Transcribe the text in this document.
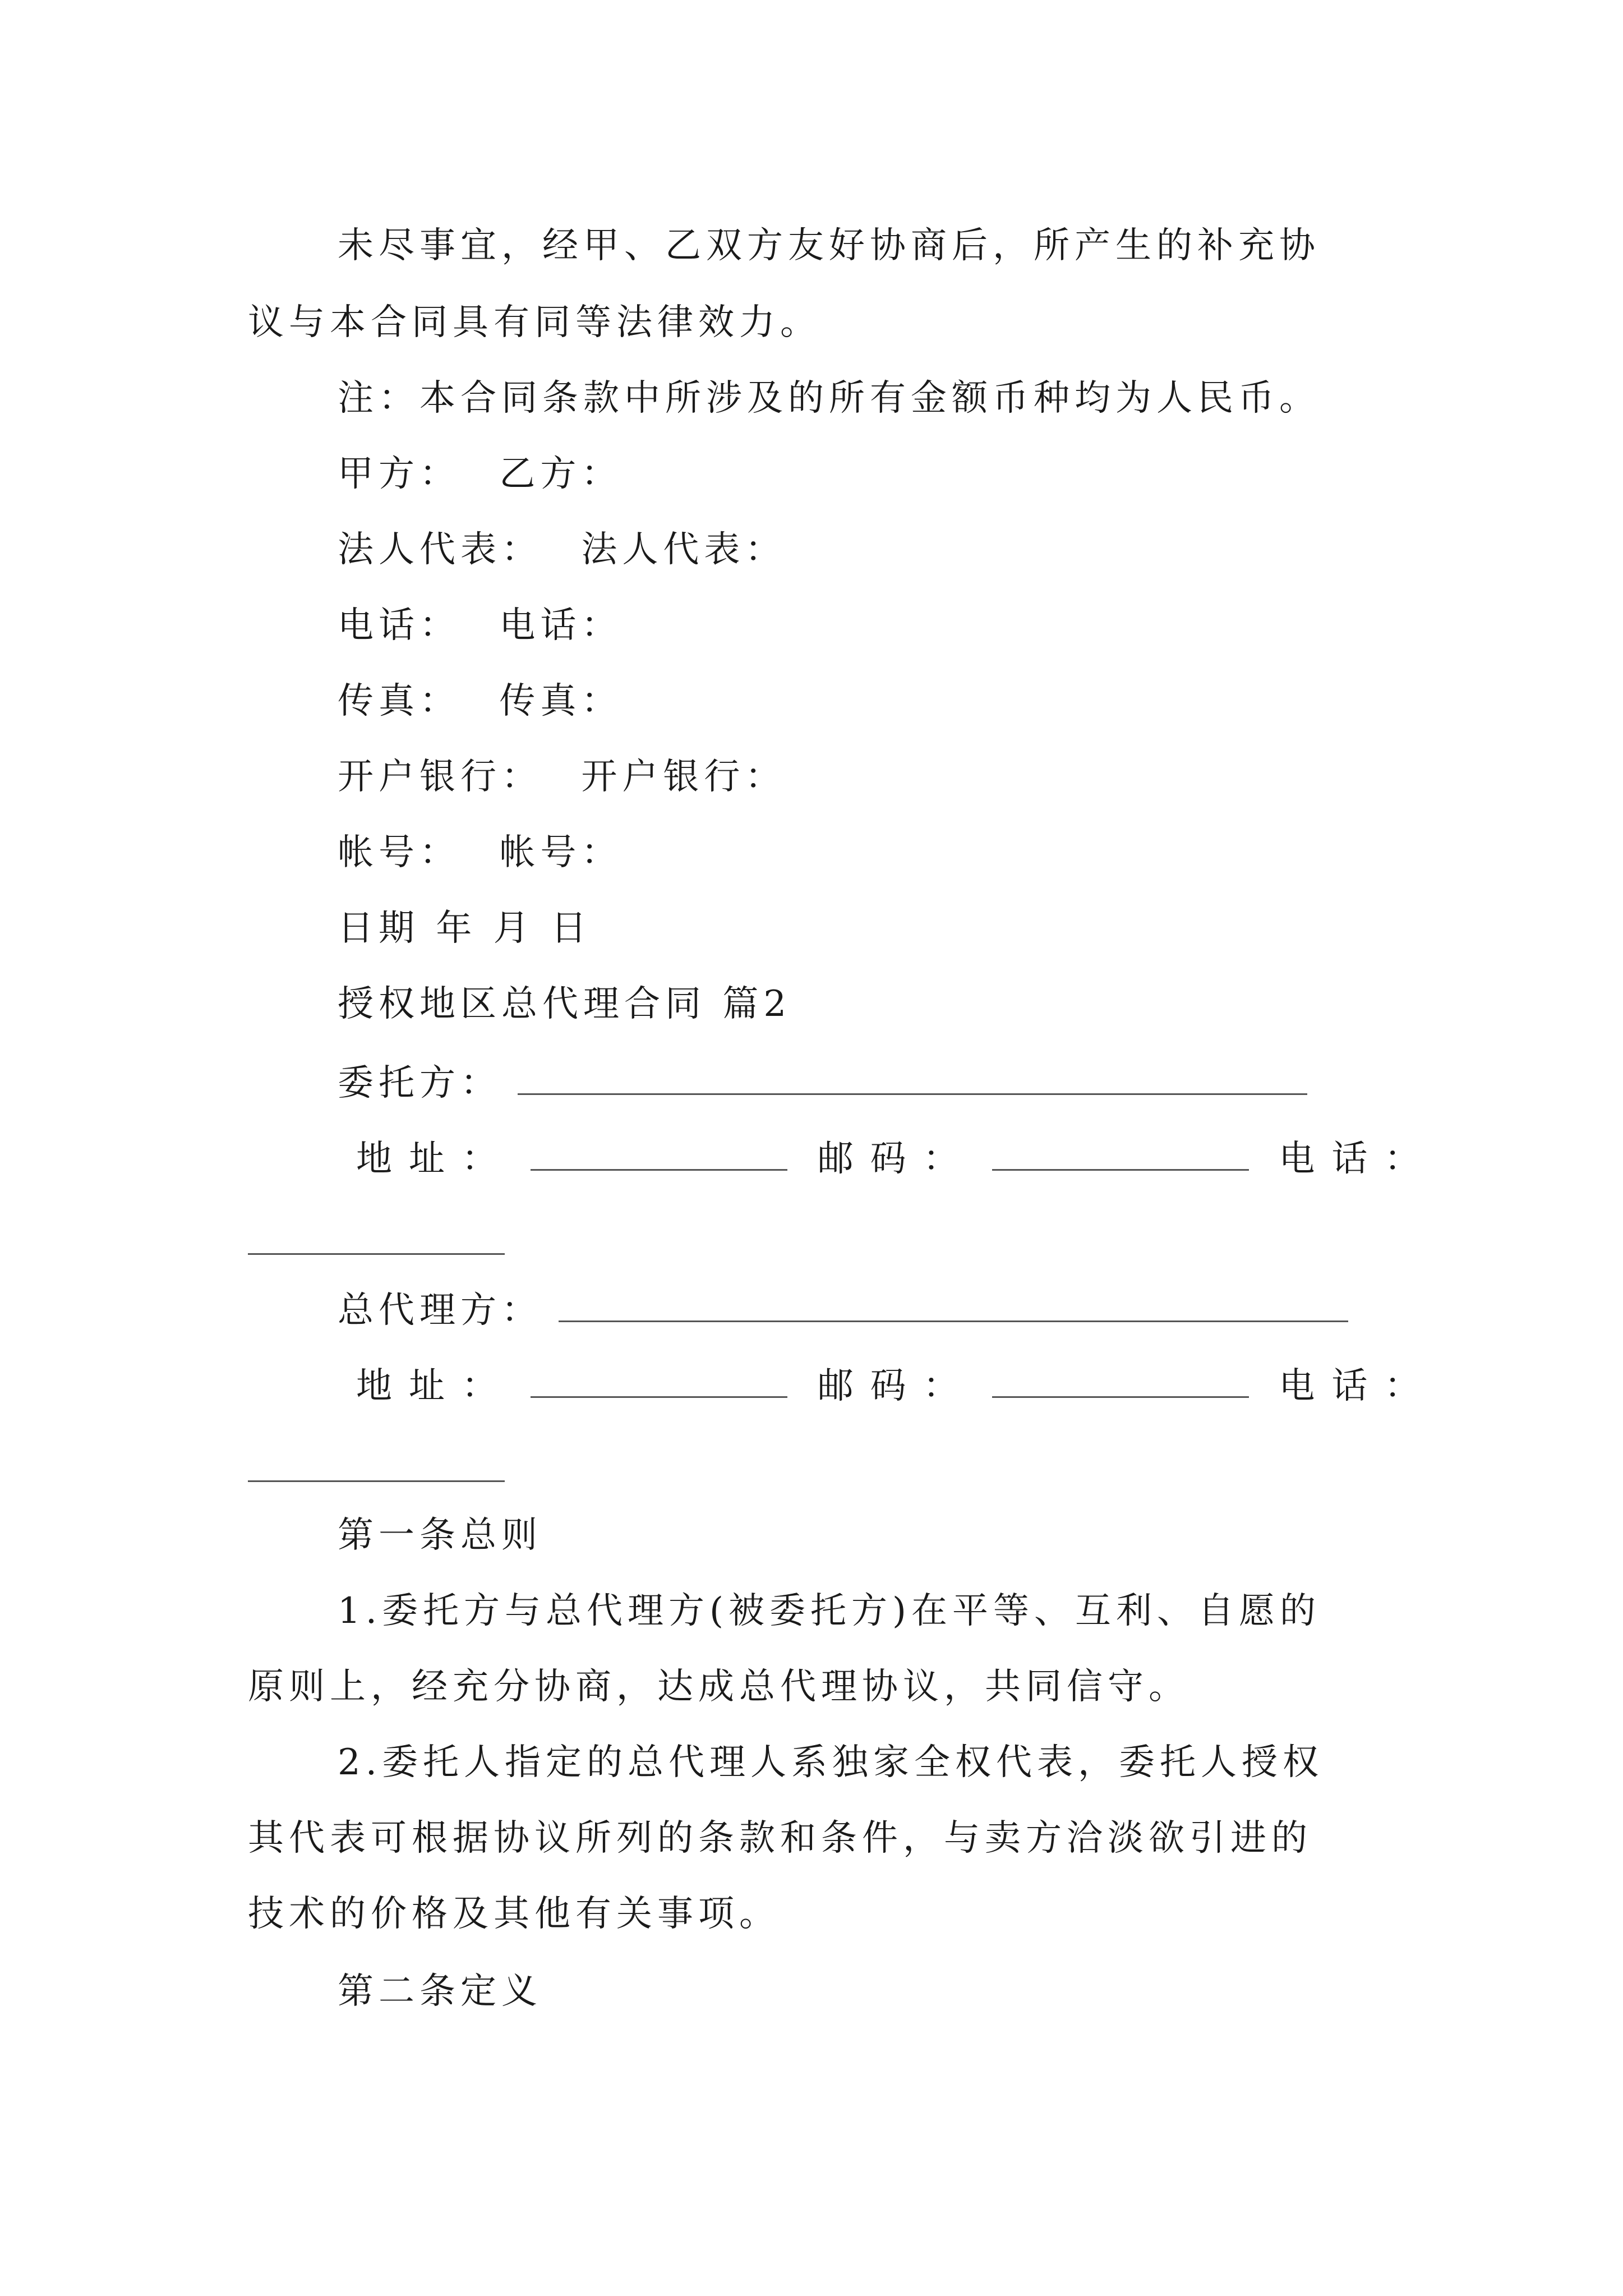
未尽事宜，经甲、乙双方友好协商后，所产生的补充协
议与本合同具有同等法律效力。
注：本合同条款中所涉及的所有金额币种均为人民币。
甲方： 乙方：
法人代表： 法人代表：
电话： 电话：
传真： 传真：
开户银行： 开户银行：
帐号： 帐号：
日期 年 月 日
授权地区总代理合同 篇2
委托方：
地址：	邮码：	电话：
总代理方：
地址：	邮码：	电话：
第一条总则
1.委托方与总代理方(被委托方)在平等、互利、自愿的
原则上，经充分协商，达成总代理协议，共同信守。
2.委托人指定的总代理人系独家全权代表，委托人授权
其代表可根据协议所列的条款和条件，与卖方洽淡欲引进的
技术的价格及其他有关事项。
第二条定义
